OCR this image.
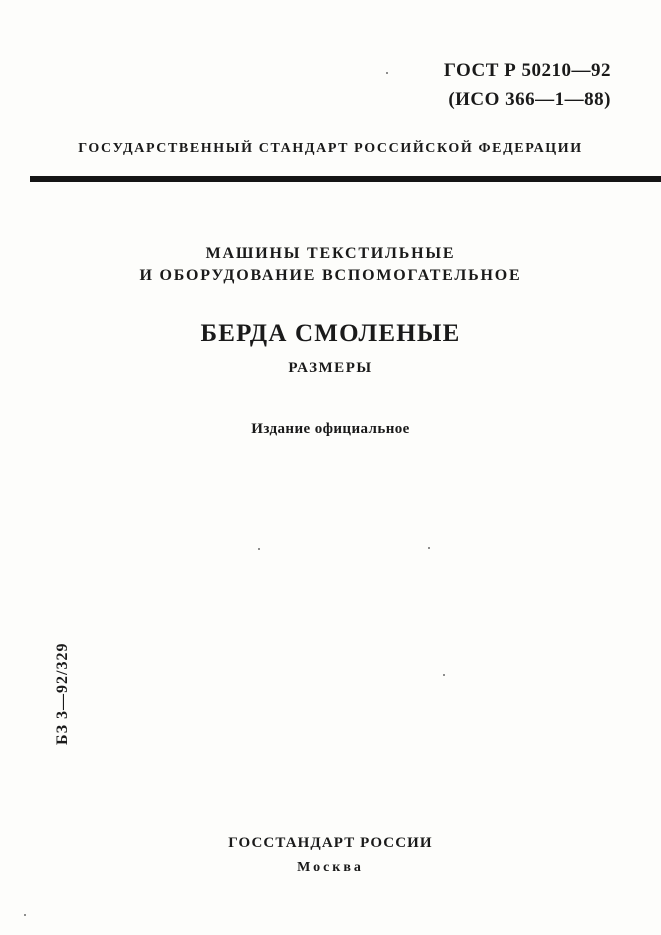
ГОСТ Р 50210—92
(ИСО 366—1—88)
ГОСУДАРСТВЕННЫЙ СТАНДАРТ РОССИЙСКОЙ ФЕДЕРАЦИИ
МАШИНЫ ТЕКСТИЛЬНЫЕ
И ОБОРУДОВАНИЕ ВСПОМОГАТЕЛЬНОЕ
БЕРДА СМОЛЕНЫЕ
РАЗМЕРЫ
Издание официальное
БЗ 3—92/329
ГОССТАНДАРТ РОССИИ
Москва
